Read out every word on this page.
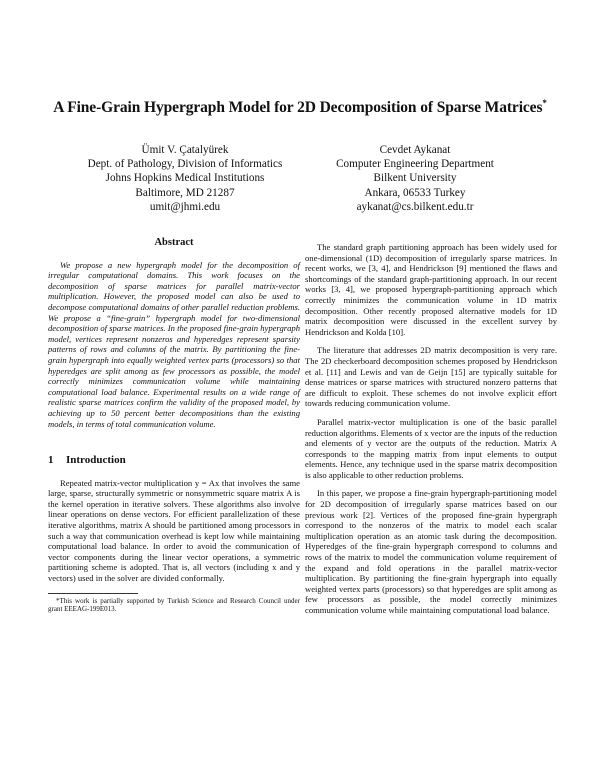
A Fine-Grain Hypergraph Model for 2D Decomposition of Sparse Matrices*
Ümit V. Çatalyürek
Dept. of Pathology, Division of Informatics
Johns Hopkins Medical Institutions
Baltimore, MD 21287
umit@jhmi.edu
Cevdet Aykanat
Computer Engineering Department
Bilkent University
Ankara, 06533 Turkey
aykanat@cs.bilkent.edu.tr
Abstract

We propose a new hypergraph model for the decomposition of irregular computational domains. This work focuses on the decomposition of sparse matrices for parallel matrix-vector multiplication. However, the proposed model can also be used to decompose computational domains of other parallel reduction problems. We propose a “fine-grain” hypergraph model for two-dimensional decomposition of sparse matrices. In the proposed fine-grain hypergraph model, vertices represent nonzeros and hyperedges represent sparsity patterns of rows and columns of the matrix. By partitioning the fine-grain hypergraph into equally weighted vertex parts (processors) so that hyperedges are split among as few processors as possible, the model correctly minimizes communication volume while maintaining computational load balance. Experimental results on a wide range of realistic sparse matrices confirm the validity of the proposed model, by achieving up to 50 percent better decompositions than the existing models, in terms of total communication volume.

1 Introduction

Repeated matrix-vector multiplication y = Ax that involves the same large, sparse, structurally symmetric or nonsymmetric square matrix A is the kernel operation in iterative solvers. These algorithms also involve linear operations on dense vectors. For efficient parallelization of these iterative algorithms, matrix A should be partitioned among processors in such a way that communication overhead is kept low while maintaining computational load balance. In order to avoid the communication of vector components during the linear vector operations, a symmetric partitioning scheme is adopted. That is, all vectors (including x and y vectors) used in the solver are divided conformally.

*This work is partially supported by Turkish Science and Research Council under grant EEEAG-199E013.

The standard graph partitioning approach has been widely used for one-dimensional (1D) decomposition of irregularly sparse matrices. In recent works, we [3, 4], and Hendrickson [9] mentioned the flaws and shortcomings of the standard graph-partitioning approach. In our recent works [3, 4], we proposed hypergraph-partitioning approach which correctly minimizes the communication volume in 1D matrix decomposition. Other recently proposed alternative models for 1D matrix decomposition were discussed in the excellent survey by Hendrickson and Kolda [10].

The literature that addresses 2D matrix decomposition is very rare. The 2D checkerboard decomposition schemes proposed by Hendrickson et al. [11] and Lewis and van de Geijn [15] are typically suitable for dense matrices or sparse matrices with structured nonzero patterns that are difficult to exploit. These schemes do not involve explicit effort towards reducing communication volume.

Parallel matrix-vector multiplication is one of the basic parallel reduction algorithms. Elements of x vector are the inputs of the reduction and elements of y vector are the outputs of the reduction. Matrix A corresponds to the mapping matrix from input elements to output elements. Hence, any technique used in the sparse matrix decomposition is also applicable to other reduction problems.

In this paper, we propose a fine-grain hypergraph-partitioning model for 2D decomposition of irregularly sparse matrices based on our previous work [2]. Vertices of the proposed fine-grain hypergraph correspond to the nonzeros of the matrix to model each scalar multiplication operation as an atomic task during the decomposition. Hyperedges of the fine-grain hypergraph correspond to columns and rows of the matrix to model the communication volume requirement of the expand and fold operations in the parallel matrix-vector multiplication. By partitioning the fine-grain hypergraph into equally weighted vertex parts (processors) so that hyperedges are split among as few processors as possible, the model correctly minimizes communication volume while maintaining computational load balance.
